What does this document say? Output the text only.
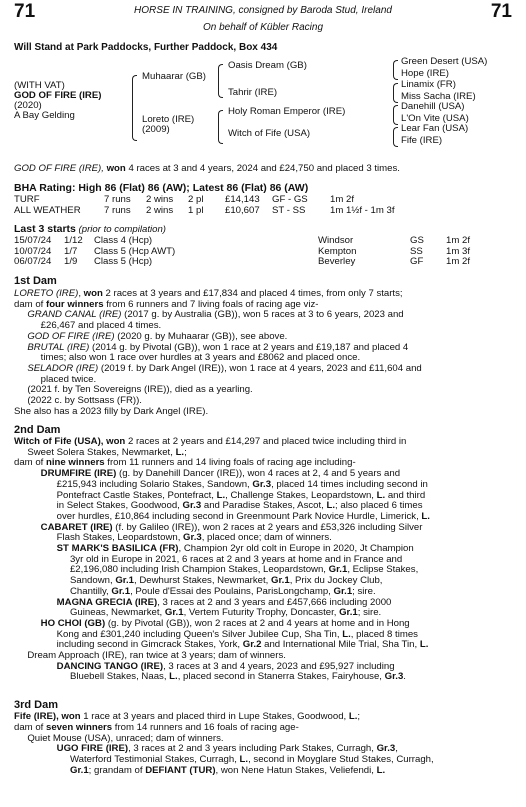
71	71
HORSE IN TRAINING, consigned by Baroda Stud, Ireland
On behalf of Kübler Racing
Will Stand at Park Paddocks, Further Paddock, Box 434
(WITH VAT)
GOD OF FIRE (IRE)
(2020)
A Bay Gelding
Muhaarar (GB)
Loreto (IRE)
(2009)
Oasis Dream (GB)
Tahrir (IRE)
Holy Roman Emperor (IRE)
Witch of Fife (USA)
Green Desert (USA)
Hope (IRE)
Linamix (FR)
Miss Sacha (IRE)
Danehill (USA)
L'On Vite (USA)
Lear Fan (USA)
Fife (IRE)
GOD OF FIRE (IRE), won 4 races at 3 and 4 years, 2024 and £24,750 and placed 3 times.
BHA Rating: High 86 (Flat) 86 (AW); Latest 86 (Flat) 86 (AW)
TURF	7 runs 2 wins 2 pl £14,143 GF - GS 1m 2f
ALL WEATHER 7 runs 2 wins 1 pl £10,607 ST - SS	1m 1½f - 1m 3f
Last 3 starts (prior to compilation)
15/07/24 1/12 Class 4 (Hcp)	Windsor	GS 1m 2f
10/07/24 1/7 Class 5 (Hcp AWT)	Kempton	SS 1m 3f
06/07/24 1/9 Class 5 (Hcp)	Beverley	GF 1m 2f
1st Dam
LORETO (IRE), won 2 races at 3 years and £17,834 and placed 4 times, from only 7 starts;
dam of four winners from 6 runners and 7 living foals of racing age viz-
GRAND CANAL (IRE) (2017 g. by Australia (GB)), won 5 races at 3 to 6 years, 2023 and
£26,467 and placed 4 times.
GOD OF FIRE (IRE) (2020 g. by Muhaarar (GB)), see above.
BRUTAL (IRE) (2014 g. by Pivotal (GB)), won 1 race at 2 years and £19,187 and placed 4
times; also won 1 race over hurdles at 3 years and £8062 and placed once.
SELADOR (IRE) (2019 f. by Dark Angel (IRE)), won 1 race at 4 years, 2023 and £11,604 and
placed twice.
(2021 f. by Ten Sovereigns (IRE)), died as a yearling.
(2022 c. by Sottsass (FR)).
She also has a 2023 filly by Dark Angel (IRE).
2nd Dam
Witch of Fife (USA), won 2 races at 2 years and £14,297 and placed twice including third in
Sweet Solera Stakes, Newmarket, L.;
dam of nine winners from 11 runners and 14 living foals of racing age including-
DRUMFIRE (IRE) (g. by Danehill Dancer (IRE)), won 4 races at 2, 4 and 5 years and
£215,943 including Solario Stakes, Sandown, Gr.3, placed 14 times including second in
Pontefract Castle Stakes, Pontefract, L., Challenge Stakes, Leopardstown, L. and third
in Select Stakes, Goodwood, Gr.3 and Paradise Stakes, Ascot, L.; also placed 6 times
over hurdles, £10,864 including second in Greenmount Park Novice Hurdle, Limerick, L.
CABARET (IRE) (f. by Galileo (IRE)), won 2 races at 2 years and £53,326 including Silver
Flash Stakes, Leopardstown, Gr.3, placed once; dam of winners.
ST MARK'S BASILICA (FR), Champion 2yr old colt in Europe in 2020, Jt Champion
3yr old in Europe in 2021, 6 races at 2 and 3 years at home and in France and
£2,196,080 including Irish Champion Stakes, Leopardstown, Gr.1, Eclipse Stakes,
Sandown, Gr.1, Dewhurst Stakes, Newmarket, Gr.1, Prix du Jockey Club,
Chantilly, Gr.1, Poule d'Essai des Poulains, ParisLongchamp, Gr.1; sire.
MAGNA GRECIA (IRE), 3 races at 2 and 3 years and £457,666 including 2000
Guineas, Newmarket, Gr.1, Vertem Futurity Trophy, Doncaster, Gr.1; sire.
HO CHOI (GB) (g. by Pivotal (GB)), won 2 races at 2 and 4 years at home and in Hong
Kong and £301,240 including Queen's Silver Jubilee Cup, Sha Tin, L., placed 8 times
including second in Gimcrack Stakes, York, Gr.2 and International Mile Trial, Sha Tin, L.
Dream Approach (IRE), ran twice at 3 years; dam of winners.
DANCING TANGO (IRE), 3 races at 3 and 4 years, 2023 and £95,927 including
Bluebell Stakes, Naas, L., placed second in Stanerra Stakes, Fairyhouse, Gr.3.
3rd Dam
Fife (IRE), won 1 race at 3 years and placed third in Lupe Stakes, Goodwood, L.;
dam of seven winners from 14 runners and 16 foals of racing age-
Quiet Mouse (USA), unraced; dam of winners.
UGO FIRE (IRE), 3 races at 2 and 3 years including Park Stakes, Curragh, Gr.3,
Waterford Testimonial Stakes, Curragh, L., second in Moyglare Stud Stakes, Curragh,
Gr.1; grandam of DEFIANT (TUR), won Nene Hatun Stakes, Veliefendi, L.
